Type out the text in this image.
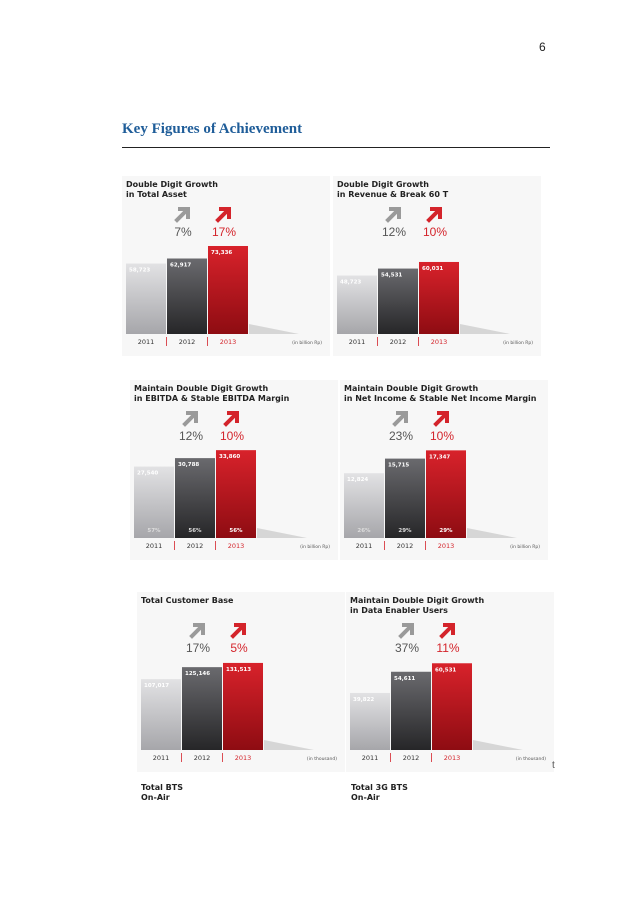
6
Key Figures of Achievement
7% 17%
58,723
62,917
73,336
2011	2012	2013	(in billion Rp)
Double Digit Growth
in Total Asset
12% 10%
48,723
54,531
60,031
2011	2012	2013	(in billion Rp)
Double Digit Growth
in Revenue & Break 60 T
12% 10%
27,540
57%
30,788
56%
33,860
56%
2011	2012	2013	(in billion Rp)
Maintain Double Digit Growth
in EBITDA & Stable EBITDA Margin
23% 10%
12,824
26%
15,715
29%
17,347
29%
2011	2012	2013	(in billion Rp)
Maintain Double Digit Growth
in Net Income & Stable Net Income Margin
17% 5%
107,017
125,146
131,513
2011	2012	2013	(in thousand)
Total Customer Base

37% 11%
39,822
54,611
60,531
2011	2012	2013	(in thousand)
Maintain Double Digit Growth
in Data Enabler Users
Total BTS
On-Air
Total 3G BTS
On-Air
t
